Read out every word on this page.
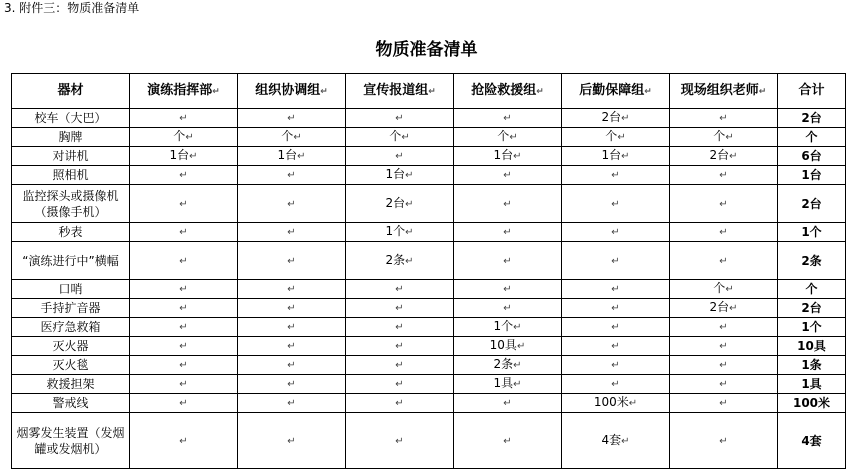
3. 附件三：物质准备清单
物质准备清单
器材	演练指挥部↵	组织协调组↵	宣传报道组↵	抢险救援组↵	后勤保障组↵	现场组织老师↵	合计
校车（大巴）	↵	↵	↵	↵	2台↵	↵	2台
胸牌	个↵	个↵	个↵	个↵	个↵	个↵	个
对讲机	1台↵	1台↵	↵	1台↵	1台↵	2台↵	6台
照相机	↵	↵	1台↵	↵	↵	↵	1台
监控探头或摄像机（摄像手机）	↵	↵	2台↵	↵	↵	↵	2台
秒表	↵	↵	1个↵	↵	↵	↵	1个
“演练进行中”横幅	↵	↵	2条↵	↵	↵	↵	2条
口哨	↵	↵	↵	↵	↵	个↵	个
手持扩音器	↵	↵	↵	↵	↵	2台↵	2台
医疗急救箱	↵	↵	↵	1个↵	↵	↵	1个
灭火器	↵	↵	↵	10具↵	↵	↵	10具
灭火毯	↵	↵	↵	2条↵	↵	↵	1条
救援担架	↵	↵	↵	1具↵	↵	↵	1具
警戒线	↵	↵	↵	↵	100米↵	↵	100米
烟雾发生装置（发烟罐或发烟机）	↵	↵	↵	↵	4套↵	↵	4套
